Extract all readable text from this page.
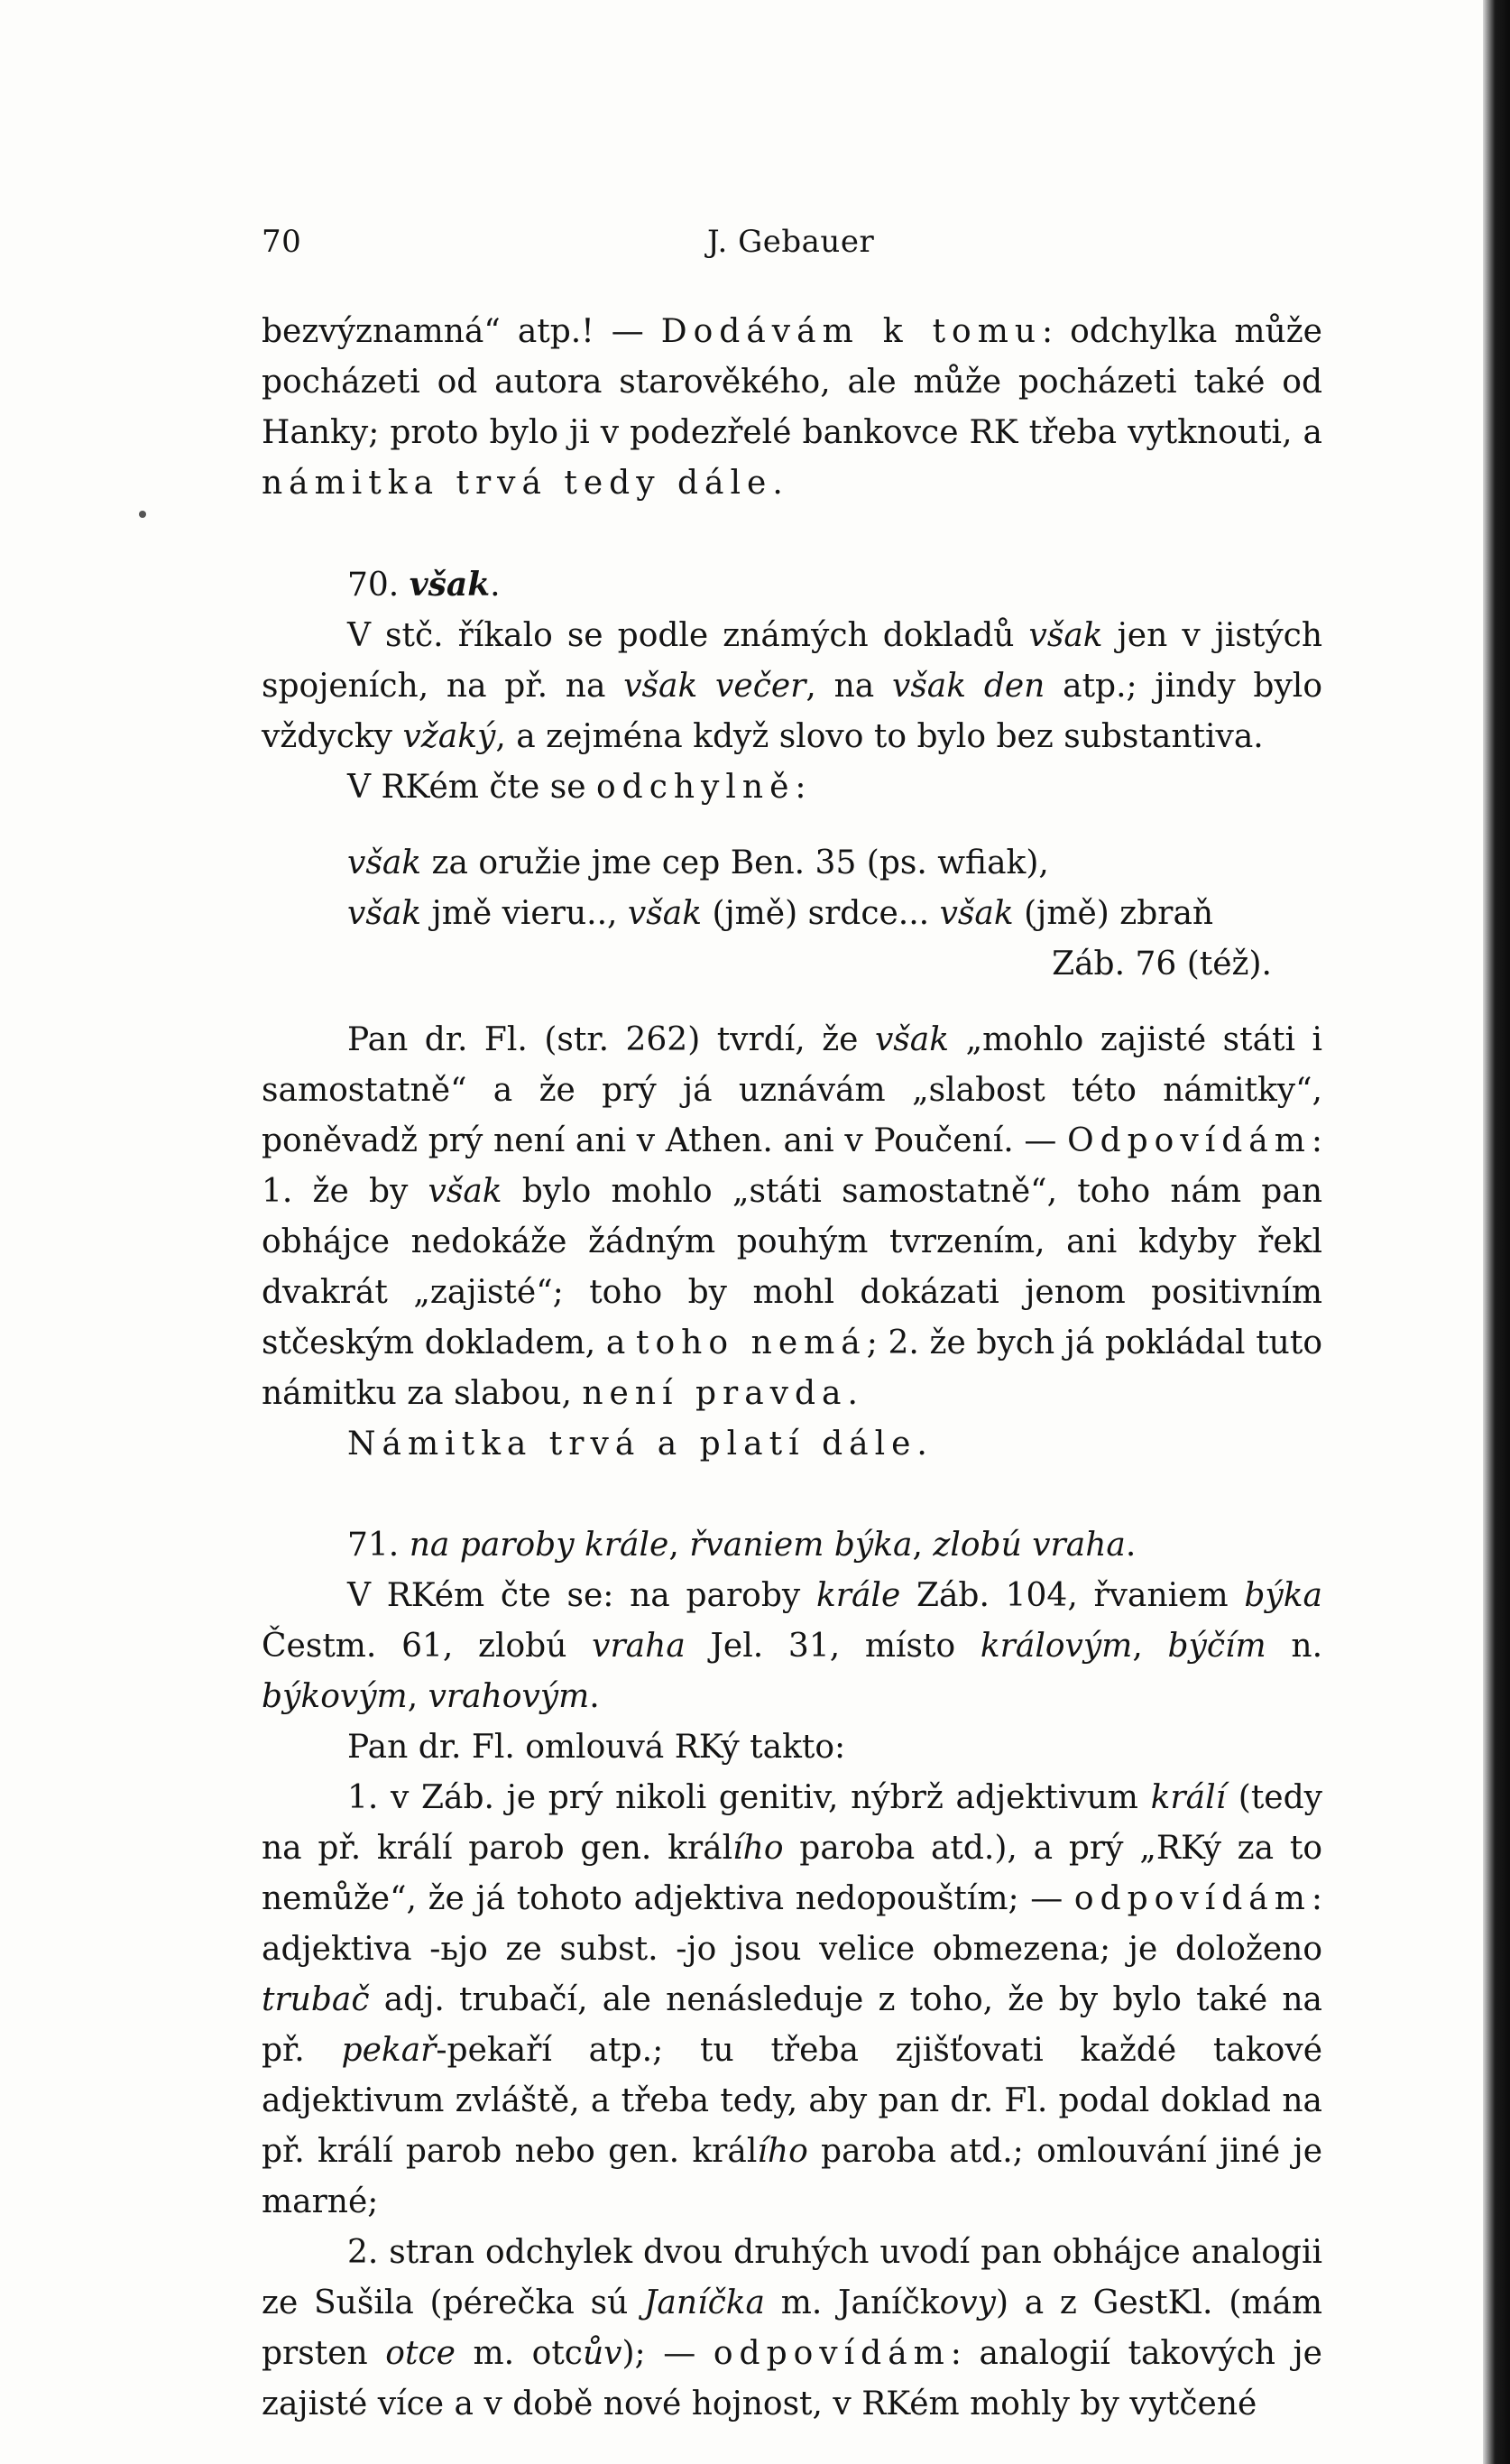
70	J. Gebauer

bezvýznamná“ atp.! — Dodávám k tomu: odchylka může pocházeti od autora starověkého, ale může pocházeti také od Hanky; proto bylo ji v podezřelé bankovce RK třeba vytknouti, a námitka trvá tedy dále.

70. však.

V stč. říkalo se podle známých dokladů však jen v jistých spojeních, na př. na však večer, na však den atp.; jindy bylo vždycky vžaký, a zejména když slovo to bylo bez substantiva.

V RKém čte se odchylně:

však za oružie jme cep Ben. 35 (ps. wfiak),

však jmě vieru.., však (jmě) srdce... však (jmě) zbraň

Záb. 76 (též).

Pan dr. Fl. (str. 262) tvrdí, že však „mohlo zajisté státi i samostatně“ a že prý já uznávám „slabost této námitky“, poněvadž prý není ani v Athen. ani v Poučení. — Odpovídám: 1. že by však bylo mohlo „státi samostatně“, toho nám pan obhájce nedokáže žádným pouhým tvrzením, ani kdyby řekl dvakrát „zajisté“; toho by mohl dokázati jenom positivním stčeským dokladem, a toho nemá; 2. že bych já pokládal tuto námitku za slabou, není pravda.

Námitka trvá a platí dále.

71. na paroby králе, řvaniem býka, zlobú vraha.

V RKém čte se: na paroby krále Záb. 104, řvaniem býka Čestm. 61, zlobú vraha Jel. 31, místo královým, býčím n. býkovým, vrahovým.

Pan dr. Fl. omlouvá RKý takto:

1. v Záb. je prý nikoli genitiv, nýbrž adjektivum králí (tedy na př. králí parob gen. králího paroba atd.), a prý „RKý za to nemůže“, že já tohoto adjektiva nedopouštím; — odpovídám: adjektiva -ьjo ze subst. -jo jsou velice obmezena; je doloženo trubač adj. trubačí, ale nenásleduje z toho, že by bylo také na př. pekař-pekaří atp.; tu třeba zjišťovati každé takové adjektivum zvláště, a třeba tedy, aby pan dr. Fl. podal doklad na př. králí parob nebo gen. králího paroba atd.; omlouvání jiné je marné;

2. stran odchylek dvou druhých uvodí pan obhájce analogii ze Sušila (pérečka sú Janíčka m. Janíčkovy) a z GestKl. (mám prsten otce m. otcův); — odpovídám: analogií takových je zajisté více a v době nové hojnost, v RKém mohly by vytčené
